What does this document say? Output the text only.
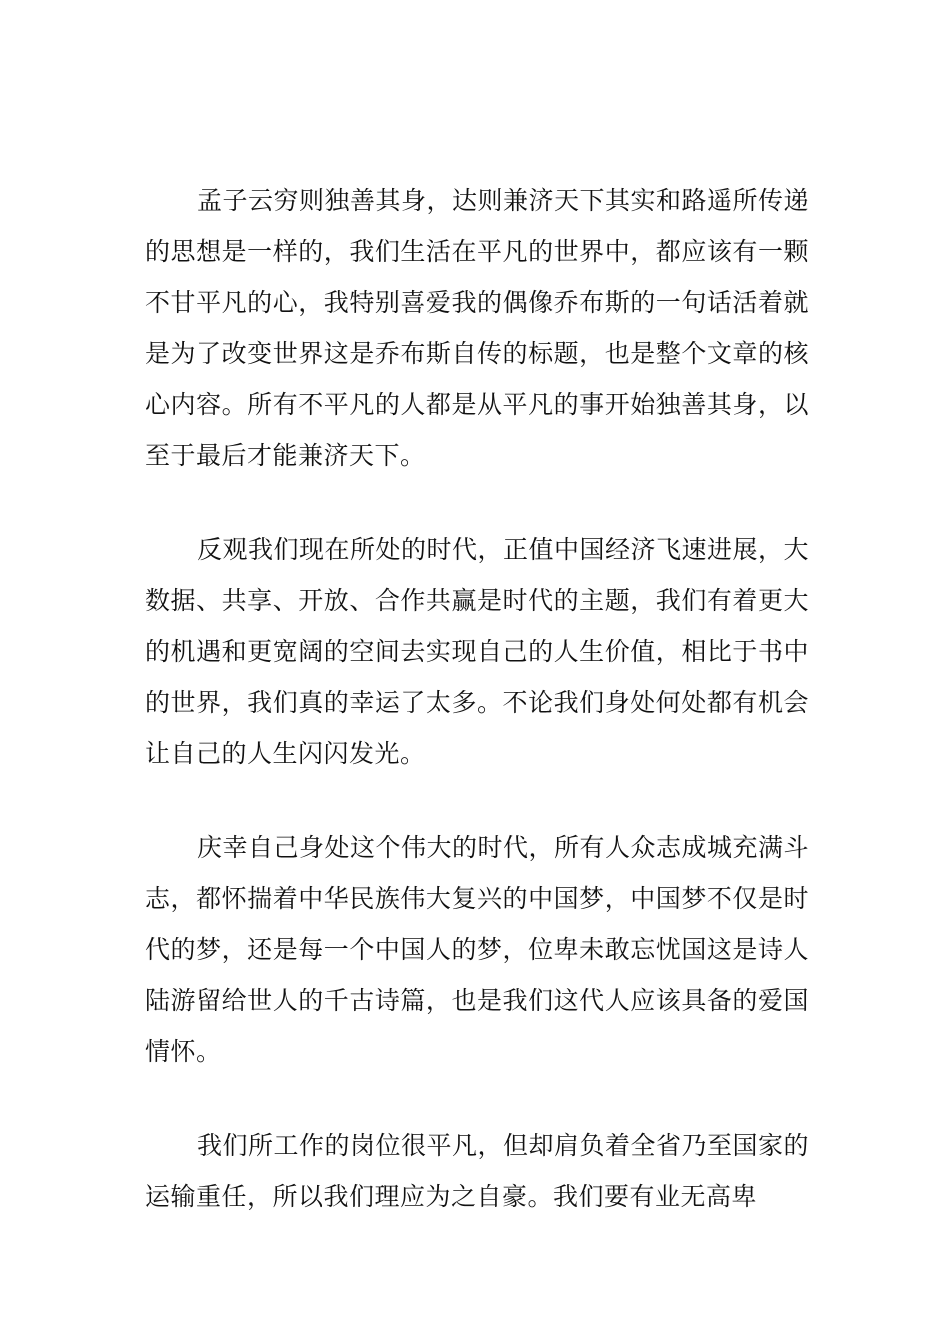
孟子云穷则独善其身，达则兼济天下其实和路遥所传递的思想是一样的，我们生活在平凡的世界中，都应该有一颗不甘平凡的心，我特别喜爱我的偶像乔布斯的一句话活着就是为了改变世界这是乔布斯自传的标题，也是整个文章的核心内容。所有不平凡的人都是从平凡的事开始独善其身，以至于最后才能兼济天下。

反观我们现在所处的时代，正值中国经济飞速进展，大数据、共享、开放、合作共赢是时代的主题，我们有着更大的机遇和更宽阔的空间去实现自己的人生价值，相比于书中的世界，我们真的幸运了太多。不论我们身处何处都有机会让自己的人生闪闪发光。

庆幸自己身处这个伟大的时代，所有人众志成城充满斗志，都怀揣着中华民族伟大复兴的中国梦，中国梦不仅是时代的梦，还是每一个中国人的梦，位卑未敢忘忧国这是诗人陆游留给世人的千古诗篇，也是我们这代人应该具备的爱国情怀。

我们所工作的岗位很平凡，但却肩负着全省乃至国家的运输重任，所以我们理应为之自豪。我们要有业无高卑
